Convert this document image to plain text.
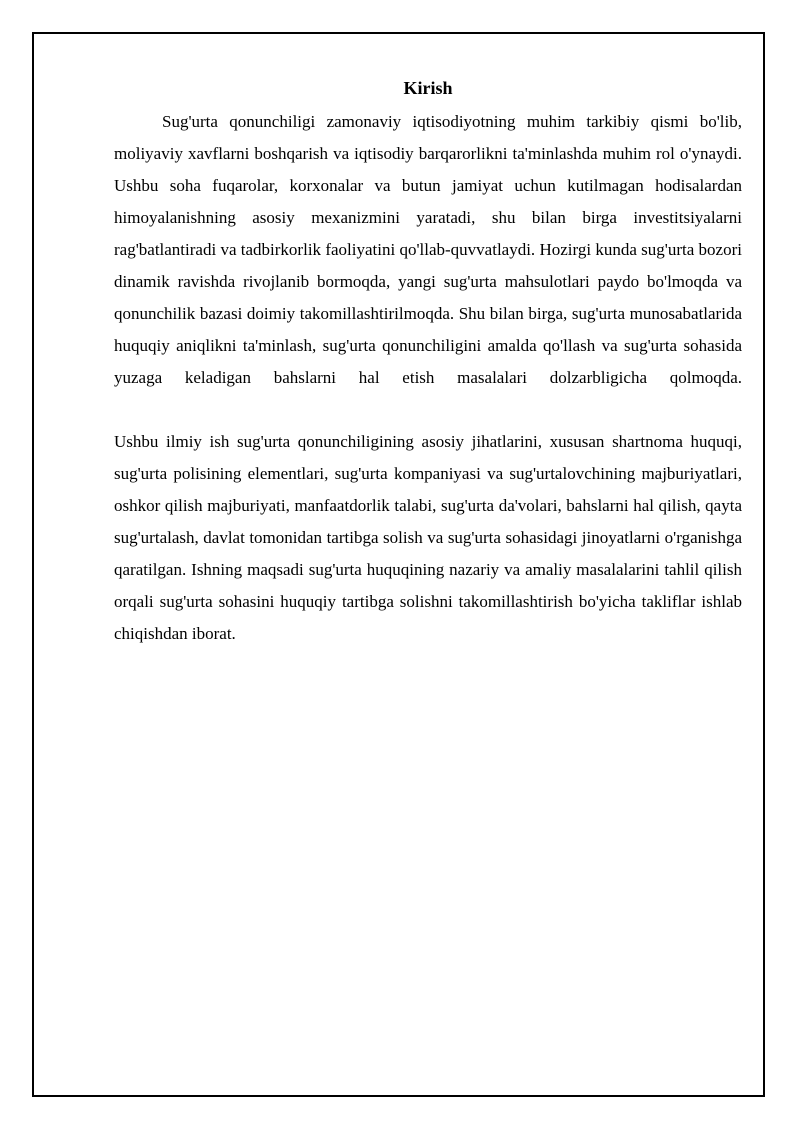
Kirish

Sug'urta qonunchiligi zamonaviy iqtisodiyotning muhim tarkibiy qismi bo'lib, moliyaviy xavflarni boshqarish va iqtisodiy barqarorlikni ta'minlashda muhim rol o'ynaydi. Ushbu soha fuqarolar, korxonalar va butun jamiyat uchun kutilmagan hodisalardan himoyalanishning asosiy mexanizmini yaratadi, shu bilan birga investitsiyalarni rag'batlantiradi va tadbirkorlik faoliyatini qo'llab-quvvatlaydi. Hozirgi kunda sug'urta bozori dinamik ravishda rivojlanib bormoqda, yangi sug'urta mahsulotlari paydo bo'lmoqda va qonunchilik bazasi doimiy takomillashtirilmoqda. Shu bilan birga, sug'urta munosabatlarida huquqiy aniqlikni ta'minlash, sug'urta qonunchiligini amalda qo'llash va sug'urta sohasida yuzaga keladigan bahslarni hal etish masalalari dolzarbligicha qolmoqda.

Ushbu ilmiy ish sug'urta qonunchiligining asosiy jihatlarini, xususan shartnoma huquqi, sug'urta polisining elementlari, sug'urta kompaniyasi va sug'urtalovchining majburiyatlari, oshkor qilish majburiyati, manfaatdorlik talabi, sug'urta da'volari, bahslarni hal qilish, qayta sug'urtalash, davlat tomonidan tartibga solish va sug'urta sohasidagi jinoyatlarni o'rganishga qaratilgan. Ishning maqsadi sug'urta huquqining nazariy va amaliy masalalarini tahlil qilish orqali sug'urta sohasini huquqiy tartibga solishni takomillashtirish bo'yicha takliflar ishlab chiqishdan iborat.
